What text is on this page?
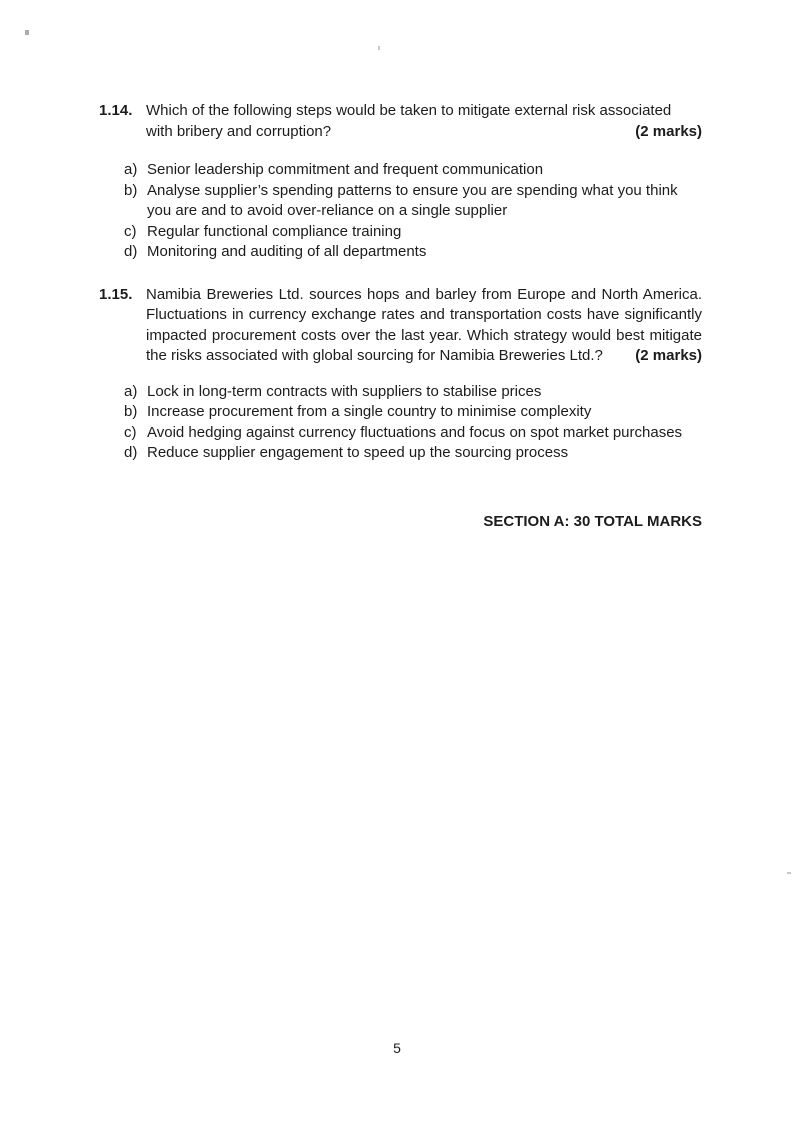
1.14. Which of the following steps would be taken to mitigate external risk associated with bribery and corruption?	(2 marks)

a) Senior leadership commitment and frequent communication
b) Analyse supplier’s spending patterns to ensure you are spending what you think you are and to avoid over-reliance on a single supplier
c) Regular functional compliance training
d) Monitoring and auditing of all departments
1.15. Namibia Breweries Ltd. sources hops and barley from Europe and North America. Fluctuations in currency exchange rates and transportation costs have significantly impacted procurement costs over the last year. Which strategy would best mitigate the risks associated with global sourcing for Namibia Breweries Ltd.? (2 marks)

a) Lock in long-term contracts with suppliers to stabilise prices
b) Increase procurement from a single country to minimise complexity
c) Avoid hedging against currency fluctuations and focus on spot market purchases
d) Reduce supplier engagement to speed up the sourcing process
SECTION A: 30 TOTAL MARKS
5
